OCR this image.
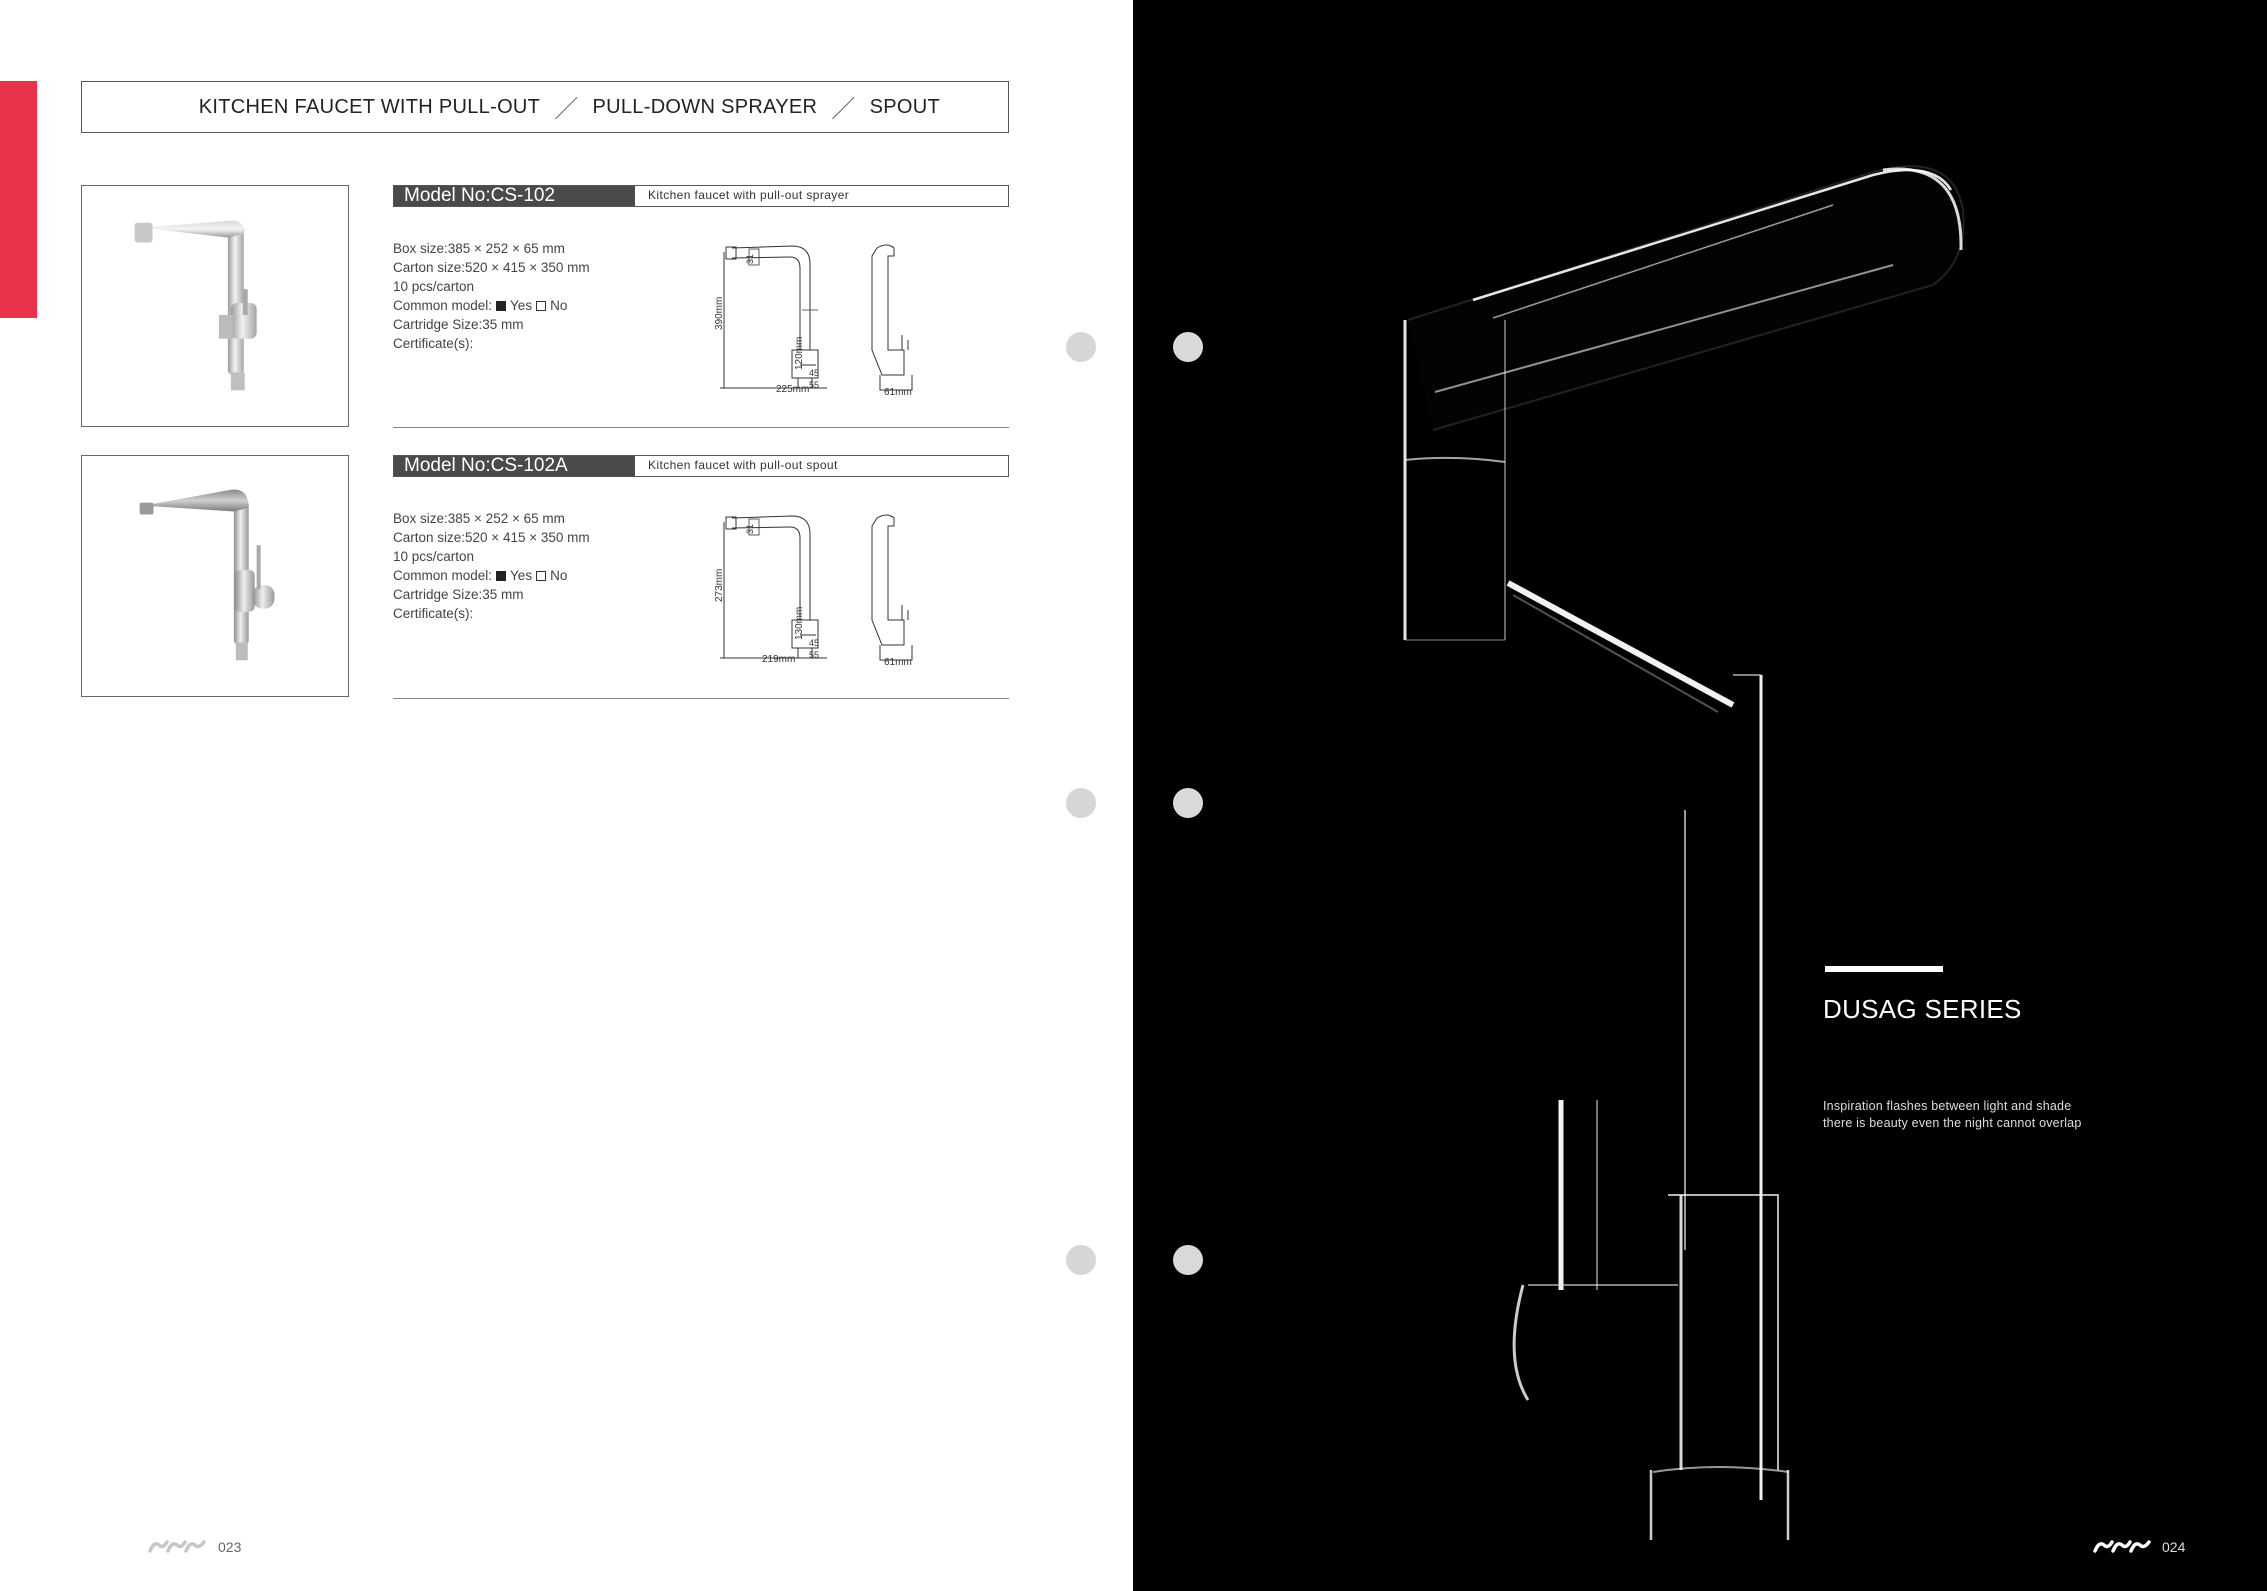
KITCHEN FAUCET WITH PULL-OUT ／ PULL-DOWN SPRAYER ／ SPOUT
Model No:CS-102	Kitchen faucet with pull-out sprayer
Box size:385 × 252 × 65 mm
Carton size:520 × 415 × 350 mm
10 pcs/carton
Common model: Yes No
Cartridge Size:35 mm
Certificate(s):
31
390mm
120mm
45
55
225mm	61mm
Model No:CS-102A	Kitchen faucet with pull-out spout
Box size:385 × 252 × 65 mm
Carton size:520 × 415 × 350 mm
10 pcs/carton
Common model: Yes No
Cartridge Size:35 mm
Certificate(s):
31
273mm
130mm
45
55
219mm	61mm
023
DUSAG SERIES
Inspiration flashes between light and shade
there is beauty even the night cannot overlap
024
